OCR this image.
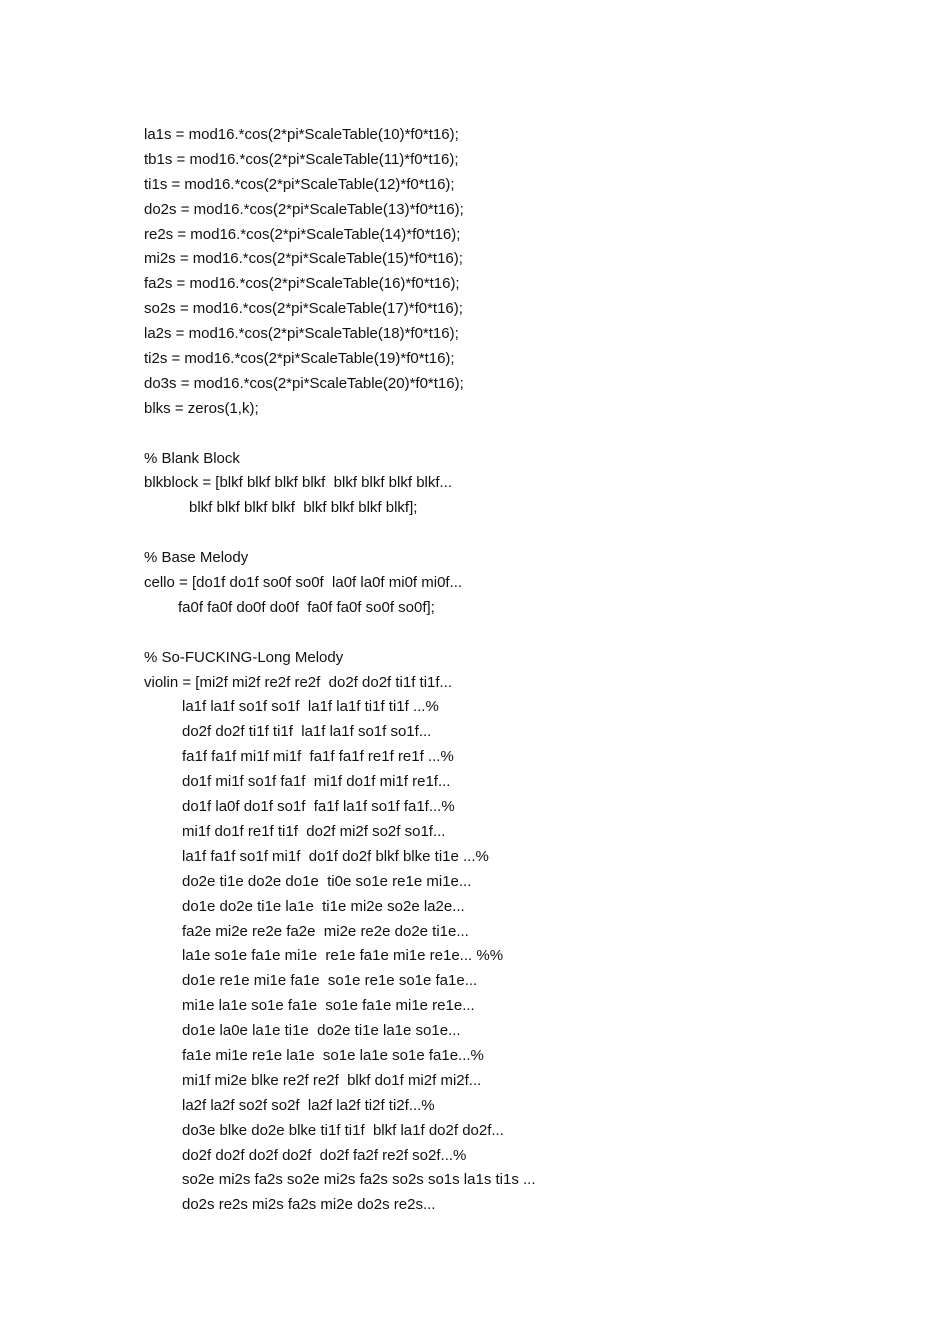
la1s = mod16.*cos(2*pi*ScaleTable(10)*f0*t16);
tb1s = mod16.*cos(2*pi*ScaleTable(11)*f0*t16);
ti1s = mod16.*cos(2*pi*ScaleTable(12)*f0*t16);
do2s = mod16.*cos(2*pi*ScaleTable(13)*f0*t16);
re2s = mod16.*cos(2*pi*ScaleTable(14)*f0*t16);
mi2s = mod16.*cos(2*pi*ScaleTable(15)*f0*t16);
fa2s = mod16.*cos(2*pi*ScaleTable(16)*f0*t16);
so2s = mod16.*cos(2*pi*ScaleTable(17)*f0*t16);
la2s = mod16.*cos(2*pi*ScaleTable(18)*f0*t16);
ti2s = mod16.*cos(2*pi*ScaleTable(19)*f0*t16);
do3s = mod16.*cos(2*pi*ScaleTable(20)*f0*t16);
blks = zeros(1,k);
% Blank Block
blkblock = [blkf blkf blkf blkf  blkf blkf blkf blkf...
blkf blkf blkf blkf  blkf blkf blkf blkf];
% Base Melody
cello = [do1f do1f so0f so0f  la0f la0f mi0f mi0f...
fa0f fa0f do0f do0f  fa0f fa0f so0f so0f];
% So-FUCKING-Long Melody
violin = [mi2f mi2f re2f re2f  do2f do2f ti1f ti1f...
la1f la1f so1f so1f  la1f la1f ti1f ti1f ...%
do2f do2f ti1f ti1f  la1f la1f so1f so1f...
fa1f fa1f mi1f mi1f  fa1f fa1f re1f re1f ...%
do1f mi1f so1f fa1f  mi1f do1f mi1f re1f...
do1f la0f do1f so1f  fa1f la1f so1f fa1f...%
mi1f do1f re1f ti1f  do2f mi2f so2f so1f...
la1f fa1f so1f mi1f  do1f do2f blkf blke ti1e ...%
do2e ti1e do2e do1e  ti0e so1e re1e mi1e...
do1e do2e ti1e la1e  ti1e mi2e so2e la2e...
fa2e mi2e re2e fa2e  mi2e re2e do2e ti1e...
la1e so1e fa1e mi1e  re1e fa1e mi1e re1e... %%
do1e re1e mi1e fa1e  so1e re1e so1e fa1e...
mi1e la1e so1e fa1e  so1e fa1e mi1e re1e...
do1e la0e la1e ti1e  do2e ti1e la1e so1e...
fa1e mi1e re1e la1e  so1e la1e so1e fa1e...%
mi1f mi2e blke re2f re2f  blkf do1f mi2f mi2f...
la2f la2f so2f so2f  la2f la2f ti2f ti2f...%
do3e blke do2e blke ti1f ti1f  blkf la1f do2f do2f...
do2f do2f do2f do2f  do2f fa2f re2f so2f...%
so2e mi2s fa2s so2e mi2s fa2s so2s so1s la1s ti1s ...
do2s re2s mi2s fa2s mi2e do2s re2s...
